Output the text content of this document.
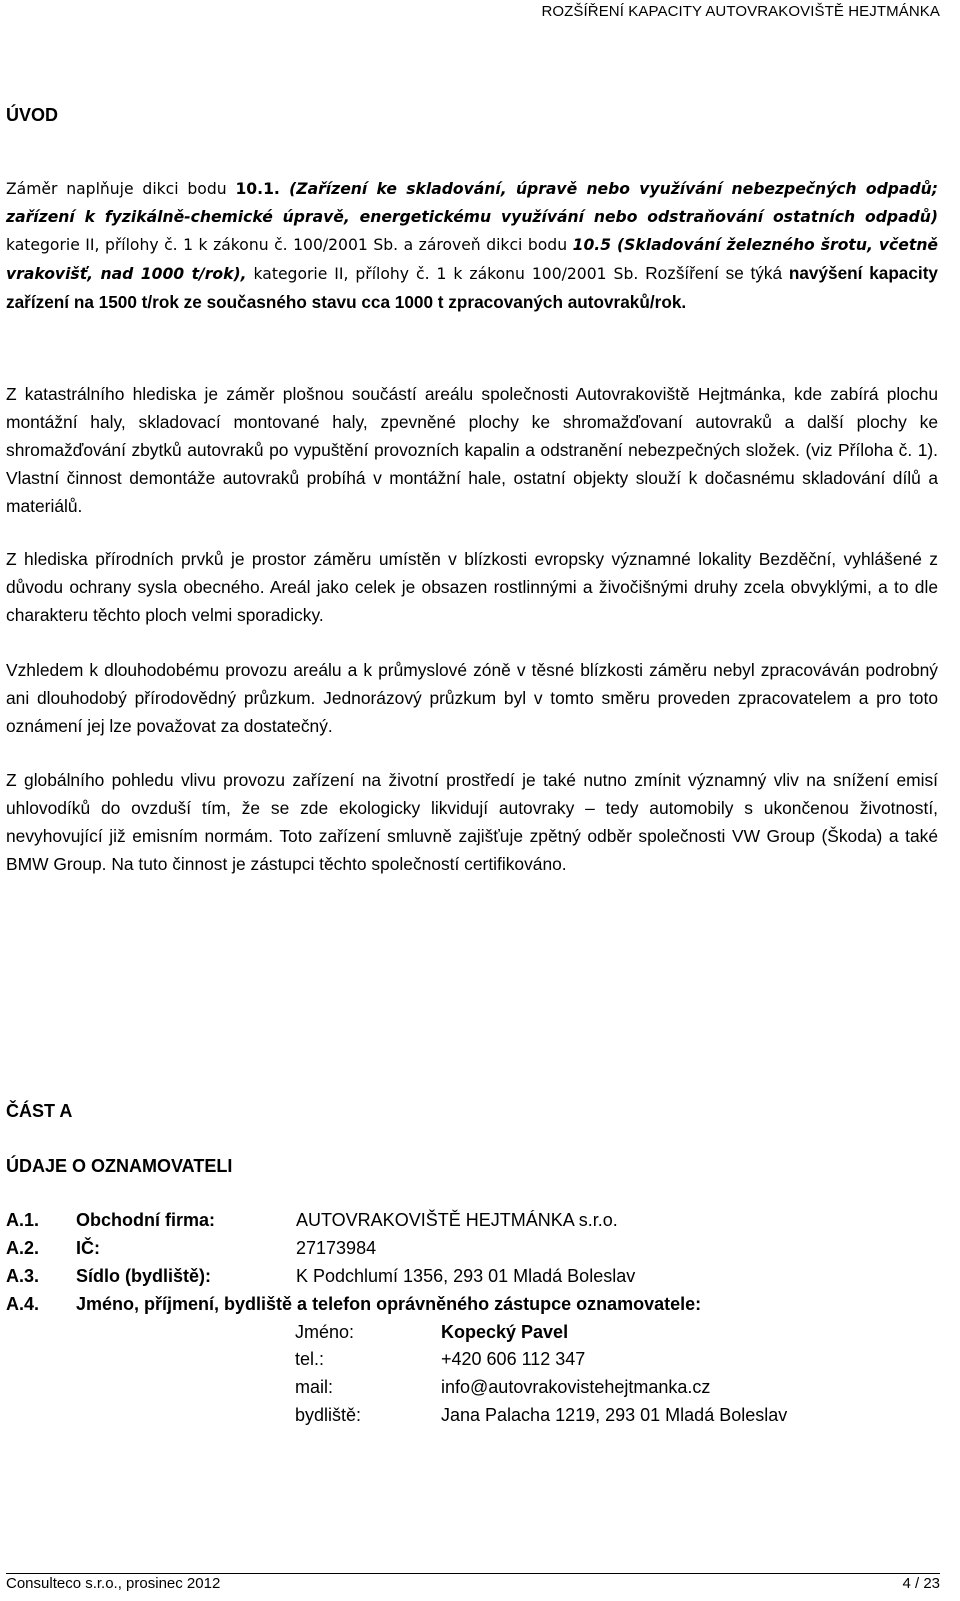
ROZŠÍŘENÍ KAPACITY AUTOVRAKOVIŠTĚ HEJTMÁNKA
ÚVOD
Záměr naplňuje dikci bodu 10.1. (Zařízení ke skladování, úpravě nebo využívání nebezpečných odpadů; zařízení k fyzikálně-chemické úpravě, energetickému využívání nebo odstraňování ostatních odpadů) kategorie II, přílohy č. 1 k zákonu č. 100/2001 Sb. a zároveň dikci bodu 10.5 (Skladování železného šrotu, včetně vrakovišť, nad 1000 t/rok), kategorie II, přílohy č. 1 k zákonu 100/2001 Sb. Rozšíření se týká navýšení kapacity zařízení na 1500 t/rok ze současného stavu cca 1000 t zpracovaných autovraků/rok.
Z katastrálního hlediska je záměr plošnou součástí areálu společnosti Autovrakoviště Hejtmánka, kde zabírá plochu montážní haly, skladovací montované haly, zpevněné plochy ke shromažďovaní autovraků a další plochy ke shromažďování zbytků autovraků po vypuštění provozních kapalin a odstranění nebezpečných složek. (viz Příloha č. 1). Vlastní činnost demontáže autovraků probíhá v montážní hale, ostatní objekty slouží k dočasnému skladování dílů a materiálů.
Z hlediska přírodních prvků je prostor záměru umístěn v blízkosti evropsky významné lokality Bezděční, vyhlášené z důvodu ochrany sysla obecného. Areál jako celek je obsazen rostlinnými a živočišnými druhy zcela obvyklými, a to dle charakteru těchto ploch velmi sporadicky.
Vzhledem k dlouhodobému provozu areálu a k průmyslové zóně v těsné blízkosti záměru nebyl zpracováván podrobný ani dlouhodobý přírodovědný průzkum. Jednorázový průzkum byl v tomto směru proveden zpracovatelem a pro toto oznámení jej lze považovat za dostatečný.
Z globálního pohledu vlivu provozu zařízení na životní prostředí je také nutno zmínit významný vliv na snížení emisí uhlovodíků do ovzduší tím, že se zde ekologicky likvidují autovraky – tedy automobily s ukončenou životností, nevyhovující již emisním normám. Toto zařízení smluvně zajišťuje zpětný odběr společnosti VW Group (Škoda) a také BMW Group. Na tuto činnost je zástupci těchto společností certifikováno.
ČÁST A
ÚDAJE O OZNAMOVATELI
A.1. Obchodní firma:	AUTOVRAKOVIŠTĚ HEJTMÁNKA s.r.o.
A.2. IČ:	27173984
A.3. Sídlo (bydliště):	K Podchlumí 1356, 293 01 Mladá Boleslav
A.4. Jméno, příjmení, bydliště a telefon oprávněného zástupce oznamovatele:
Jméno:	Kopecký Pavel
tel.:	+420 606 112 347
mail:	info@autovrakovistehejtmanka.cz
bydliště:	Jana Palacha 1219, 293 01 Mladá Boleslav
Consulteco s.r.o., prosinec 2012	4 / 23
